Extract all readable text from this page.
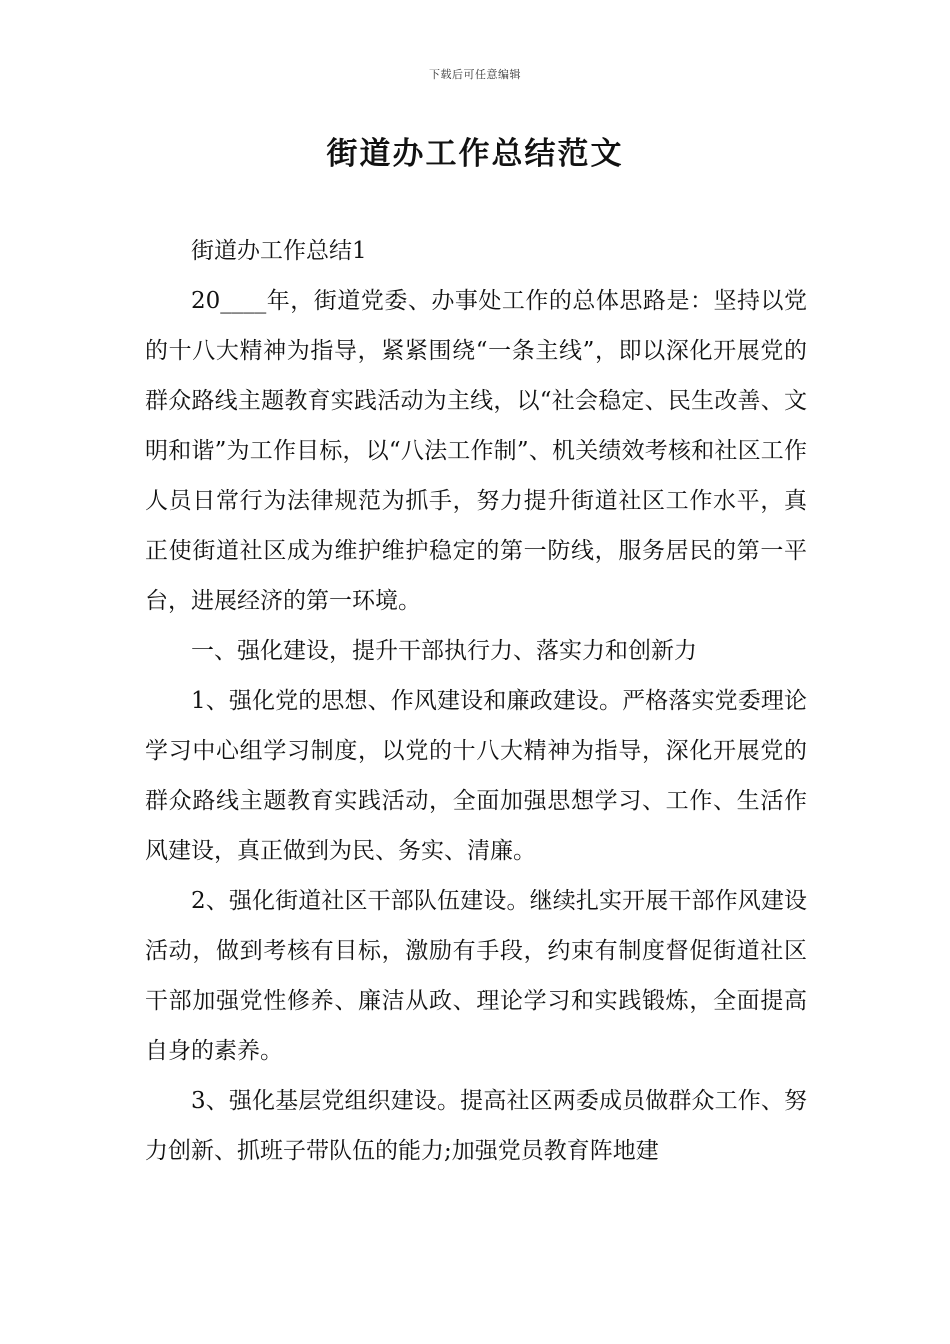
下载后可任意编辑
街道办工作总结范文

街道办工作总结1

20____年，街道党委、办事处工作的总体思路是：坚持以党的十八大精神为指导，紧紧围绕“一条主线”，即以深化开展党的群众路线主题教育实践活动为主线，以“社会稳定、民生改善、文明和谐”为工作目标，以“八法工作制”、机关绩效考核和社区工作人员日常行为法律规范为抓手，努力提升街道社区工作水平，真正使街道社区成为维护维护稳定的第一防线，服务居民的第一平台，进展经济的第一环境。

一、强化建设，提升干部执行力、落实力和创新力

1、强化党的思想、作风建设和廉政建设。严格落实党委理论学习中心组学习制度，以党的十八大精神为指导，深化开展党的群众路线主题教育实践活动，全面加强思想学习、工作、生活作风建设，真正做到为民、务实、清廉。

2、强化街道社区干部队伍建设。继续扎实开展干部作风建设活动，做到考核有目标，激励有手段，约束有制度督促街道社区干部加强党性修养、廉洁从政、理论学习和实践锻炼，全面提高自身的素养。

3、强化基层党组织建设。提高社区两委成员做群众工作、努力创新、抓班子带队伍的能力;加强党员教育阵地建
